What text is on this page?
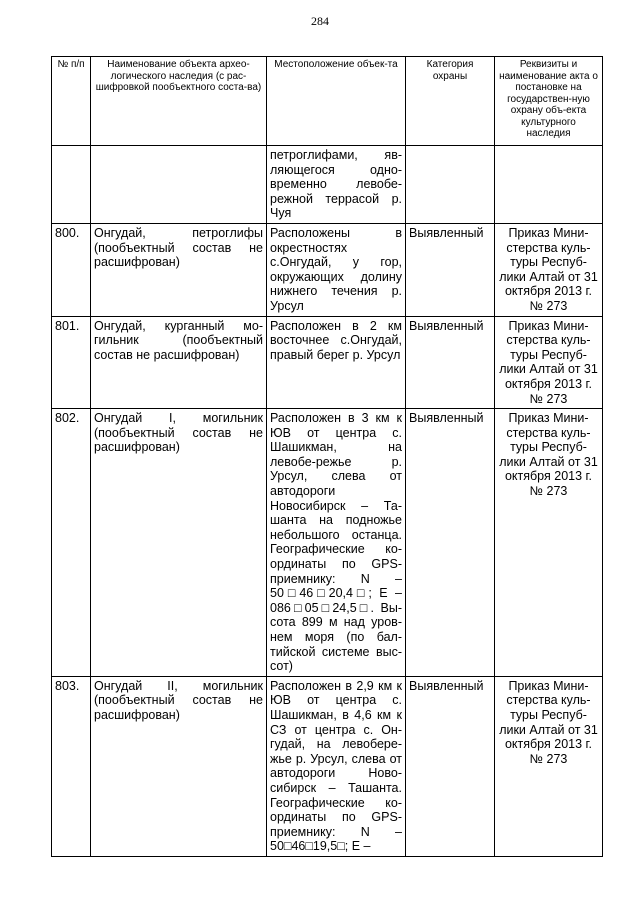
284
№ п/п	Наименование объекта архео-логического наследия (с рас-шифровкой пообъектного соста-ва)	Местоположение объек-та	Категория охраны	Реквизиты и наименование акта о постановке на государствен-ную охрану объ-екта культурного наследия
		петроглифами, яв-ляющегося одно-временно левобе-режной террасой р. Чуя		
800.	Онгудай, петроглифы (пообъектный состав не расшифрован)	Расположены в окрестностях с.Онгудай, у гор, окружающих долину нижнего течения р. Урсул	Выявленный	Приказ Мини-стерства куль-туры Респуб-лики Алтай от 31 октября 2013 г. № 273
801.	Онгудай, курганный мо-гильник (пообъектный состав не расшифрован)	Расположен в 2 км восточнее с.Онгудай, правый берег р. Урсул	Выявленный	Приказ Мини-стерства куль-туры Респуб-лики Алтай от 31 октября 2013 г. № 273
802.	Онгудай I, могильник (пообъектный состав не расшифрован)	Расположен в 3 км к ЮВ от центра с. Шашикман, на левобе-режье р. Урсул, слева от автодороги Новосибирск – Та-шанта на подножье небольшого останца. Географические ко-ординаты по GPS-приемнику: N – 50□46□20,4□; E – 086□05□24,5□. Вы-сота 899 м над уров-нем моря (по бал-тийской системе выс-сот)	Выявленный	Приказ Мини-стерства куль-туры Респуб-лики Алтай от 31 октября 2013 г. № 273
803.	Онгудай II, могильник (пообъектный состав не расшифрован)	Расположен в 2,9 км к ЮВ от центра с. Шашикман, в 4,6 км к СЗ от центра с. Он-гудай, на левобере-жье р. Урсул, слева от автодороги Ново-сибирск – Ташанта. Географические ко-ординаты по GPS-приемнику: N – 50□46□19,5□; E –	Выявленный	Приказ Мини-стерства куль-туры Респуб-лики Алтай от 31 октября 2013 г. № 273
